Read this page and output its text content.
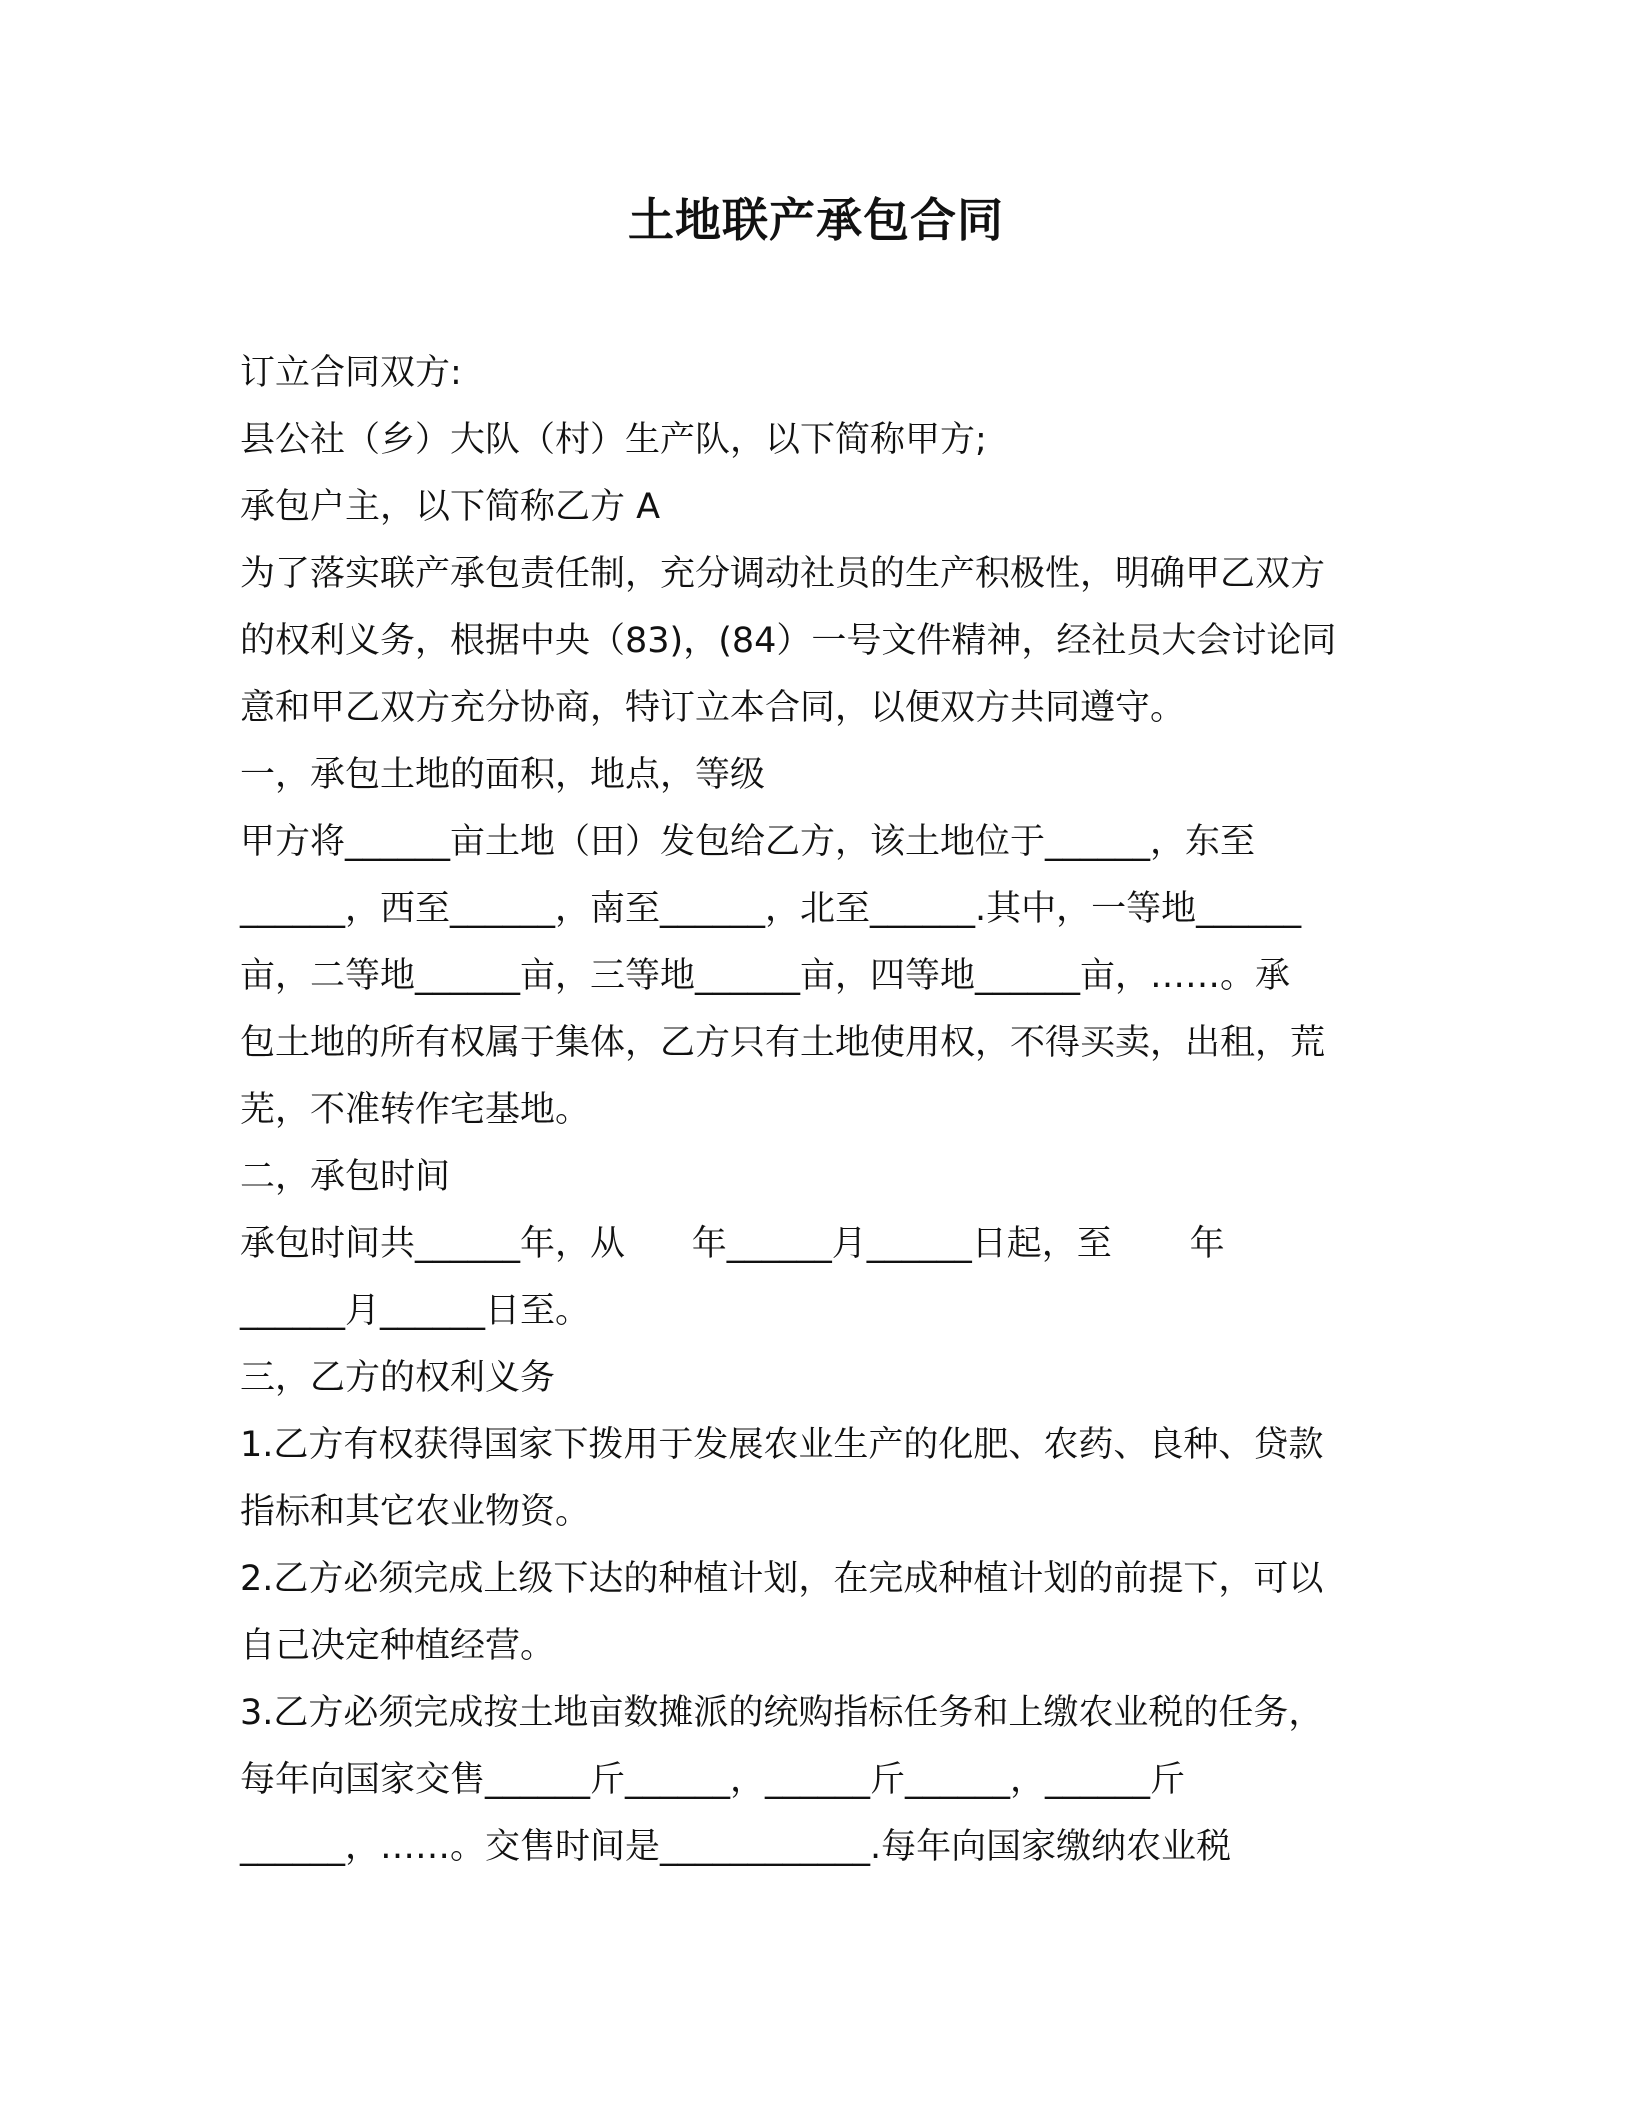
土地联产承包合同
订立合同双方:
县公社（乡）大队（村）生产队，以下简称甲方;
承包户主，以下简称乙方 A
为了落实联产承包责任制，充分调动社员的生产积极性，明确甲乙双方
的权利义务，根据中央（83)，(84）一号文件精神，经社员大会讨论同
意和甲乙双方充分协商，特订立本合同，以便双方共同遵守。
一，承包土地的面积，地点，等级
甲方将______亩土地（田）发包给乙方，该土地位于______，东至
______，西至______，南至______，北至______.其中，一等地______
亩，二等地______亩，三等地______亩，四等地______亩，……。承
包土地的所有权属于集体，乙方只有土地使用权，不得买卖，出租，荒
芜，不准转作宅基地。
二，承包时间
承包时间共______年，从      年______月______日起，至       年
______月______日至。
三，乙方的权利义务
1.乙方有权获得国家下拨用于发展农业生产的化肥、农药、良种、贷款
指标和其它农业物资。
2.乙方必须完成上级下达的种植计划，在完成种植计划的前提下，可以
自己决定种植经营。
3.乙方必须完成按土地亩数摊派的统购指标任务和上缴农业税的任务，
每年向国家交售______斤______，______斤______，______斤
______，……。交售时间是____________.每年向国家缴纳农业税
